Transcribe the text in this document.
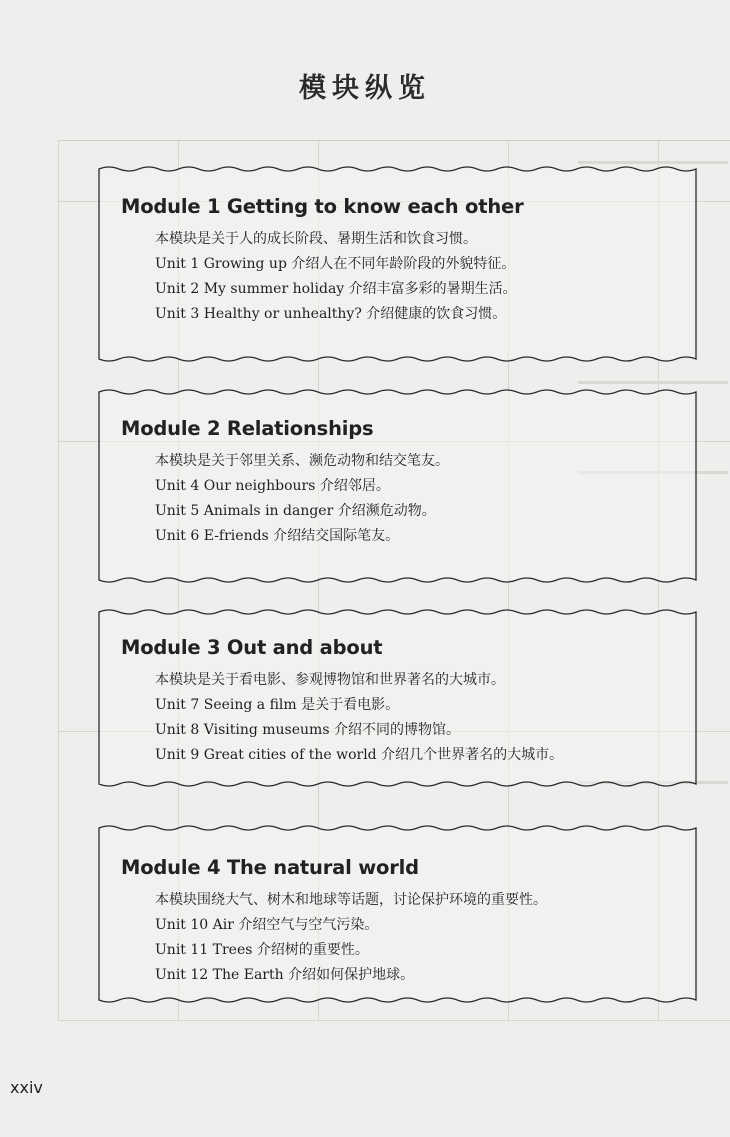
模块纵览
Module 1 Getting to know each other
本模块是关于人的成长阶段、暑期生活和饮食习惯。
Unit 1 Growing up 介绍人在不同年龄阶段的外貌特征。
Unit 2 My summer holiday 介绍丰富多彩的暑期生活。
Unit 3 Healthy or unhealthy? 介绍健康的饮食习惯。
Module 2 Relationships
本模块是关于邻里关系、濒危动物和结交笔友。
Unit 4 Our neighbours 介绍邻居。
Unit 5 Animals in danger 介绍濒危动物。
Unit 6 E-friends 介绍结交国际笔友。
Module 3 Out and about
本模块是关于看电影、参观博物馆和世界著名的大城市。
Unit 7 Seeing a film 是关于看电影。
Unit 8 Visiting museums 介绍不同的博物馆。
Unit 9 Great cities of the world 介绍几个世界著名的大城市。
Module 4 The natural world
本模块围绕大气、树木和地球等话题，讨论保护环境的重要性。
Unit 10 Air 介绍空气与空气污染。
Unit 11 Trees 介绍树的重要性。
Unit 12 The Earth 介绍如何保护地球。
xxiv
